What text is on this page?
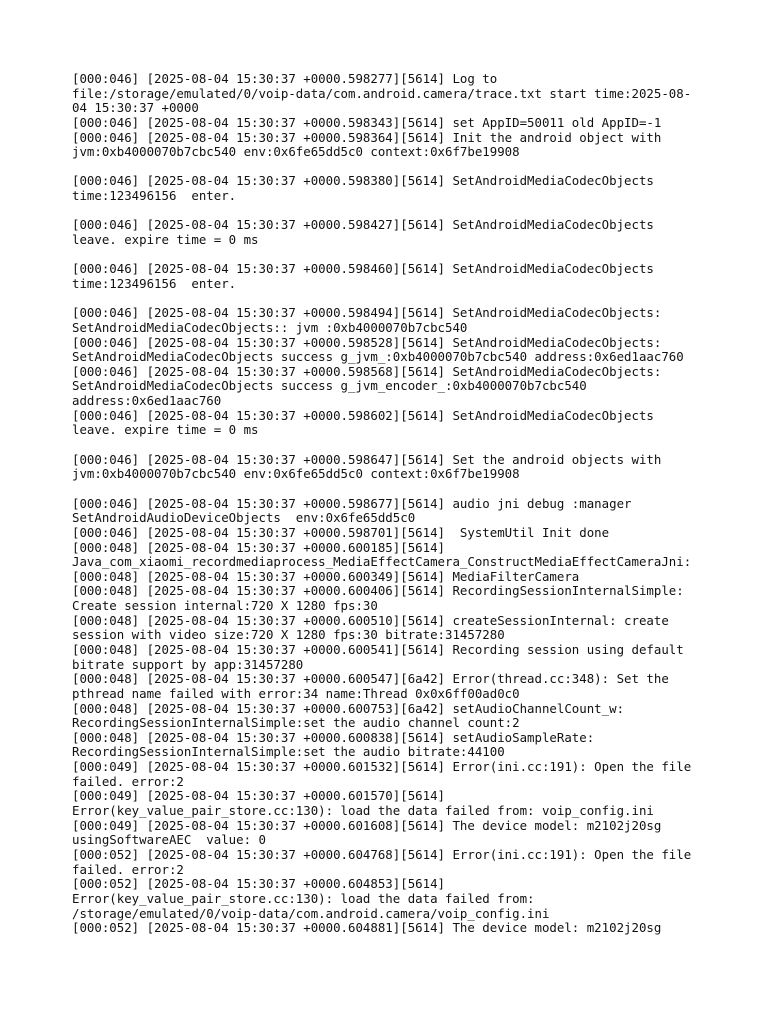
[000:046] [2025-08-04 15:30:37 +0000.598277][5614] Log to
file:/storage/emulated/0/voip-data/com.android.camera/trace.txt start time:2025-08-
04 15:30:37 +0000
[000:046] [2025-08-04 15:30:37 +0000.598343][5614] set AppID=50011 old AppID=-1
[000:046] [2025-08-04 15:30:37 +0000.598364][5614] Init the android object with
jvm:0xb4000070b7cbc540 env:0x6fe65dd5c0 context:0x6f7be19908
[000:046] [2025-08-04 15:30:37 +0000.598380][5614] SetAndroidMediaCodecObjects
time:123496156  enter.
[000:046] [2025-08-04 15:30:37 +0000.598427][5614] SetAndroidMediaCodecObjects
leave. expire time = 0 ms
[000:046] [2025-08-04 15:30:37 +0000.598460][5614] SetAndroidMediaCodecObjects
time:123496156  enter.
[000:046] [2025-08-04 15:30:37 +0000.598494][5614] SetAndroidMediaCodecObjects:
SetAndroidMediaCodecObjects:: jvm :0xb4000070b7cbc540
[000:046] [2025-08-04 15:30:37 +0000.598528][5614] SetAndroidMediaCodecObjects:
SetAndroidMediaCodecObjects success g_jvm_:0xb4000070b7cbc540 address:0x6ed1aac760
[000:046] [2025-08-04 15:30:37 +0000.598568][5614] SetAndroidMediaCodecObjects:
SetAndroidMediaCodecObjects success g_jvm_encoder_:0xb4000070b7cbc540
address:0x6ed1aac760
[000:046] [2025-08-04 15:30:37 +0000.598602][5614] SetAndroidMediaCodecObjects
leave. expire time = 0 ms
[000:046] [2025-08-04 15:30:37 +0000.598647][5614] Set the android objects with
jvm:0xb4000070b7cbc540 env:0x6fe65dd5c0 context:0x6f7be19908
[000:046] [2025-08-04 15:30:37 +0000.598677][5614] audio jni debug :manager
SetAndroidAudioDeviceObjects  env:0x6fe65dd5c0
[000:046] [2025-08-04 15:30:37 +0000.598701][5614]  SystemUtil Init done
[000:048] [2025-08-04 15:30:37 +0000.600185][5614]
Java_com_xiaomi_recordmediaprocess_MediaEffectCamera_ConstructMediaEffectCameraJni:
[000:048] [2025-08-04 15:30:37 +0000.600349][5614] MediaFilterCamera
[000:048] [2025-08-04 15:30:37 +0000.600406][5614] RecordingSessionInternalSimple:
Create session internal:720 X 1280 fps:30
[000:048] [2025-08-04 15:30:37 +0000.600510][5614] createSessionInternal: create
session with video size:720 X 1280 fps:30 bitrate:31457280
[000:048] [2025-08-04 15:30:37 +0000.600541][5614] Recording session using default
bitrate support by app:31457280
[000:048] [2025-08-04 15:30:37 +0000.600547][6a42] Error(thread.cc:348): Set the
pthread name failed with error:34 name:Thread 0x0x6ff00ad0c0
[000:048] [2025-08-04 15:30:37 +0000.600753][6a42] setAudioChannelCount_w:
RecordingSessionInternalSimple:set the audio channel count:2
[000:048] [2025-08-04 15:30:37 +0000.600838][5614] setAudioSampleRate:
RecordingSessionInternalSimple:set the audio bitrate:44100
[000:049] [2025-08-04 15:30:37 +0000.601532][5614] Error(ini.cc:191): Open the file
failed. error:2
[000:049] [2025-08-04 15:30:37 +0000.601570][5614]
Error(key_value_pair_store.cc:130): load the data failed from: voip_config.ini
[000:049] [2025-08-04 15:30:37 +0000.601608][5614] The device model: m2102j20sg
usingSoftwareAEC  value: 0
[000:052] [2025-08-04 15:30:37 +0000.604768][5614] Error(ini.cc:191): Open the file
failed. error:2
[000:052] [2025-08-04 15:30:37 +0000.604853][5614]
Error(key_value_pair_store.cc:130): load the data failed from:
/storage/emulated/0/voip-data/com.android.camera/voip_config.ini
[000:052] [2025-08-04 15:30:37 +0000.604881][5614] The device model: m2102j20sg
